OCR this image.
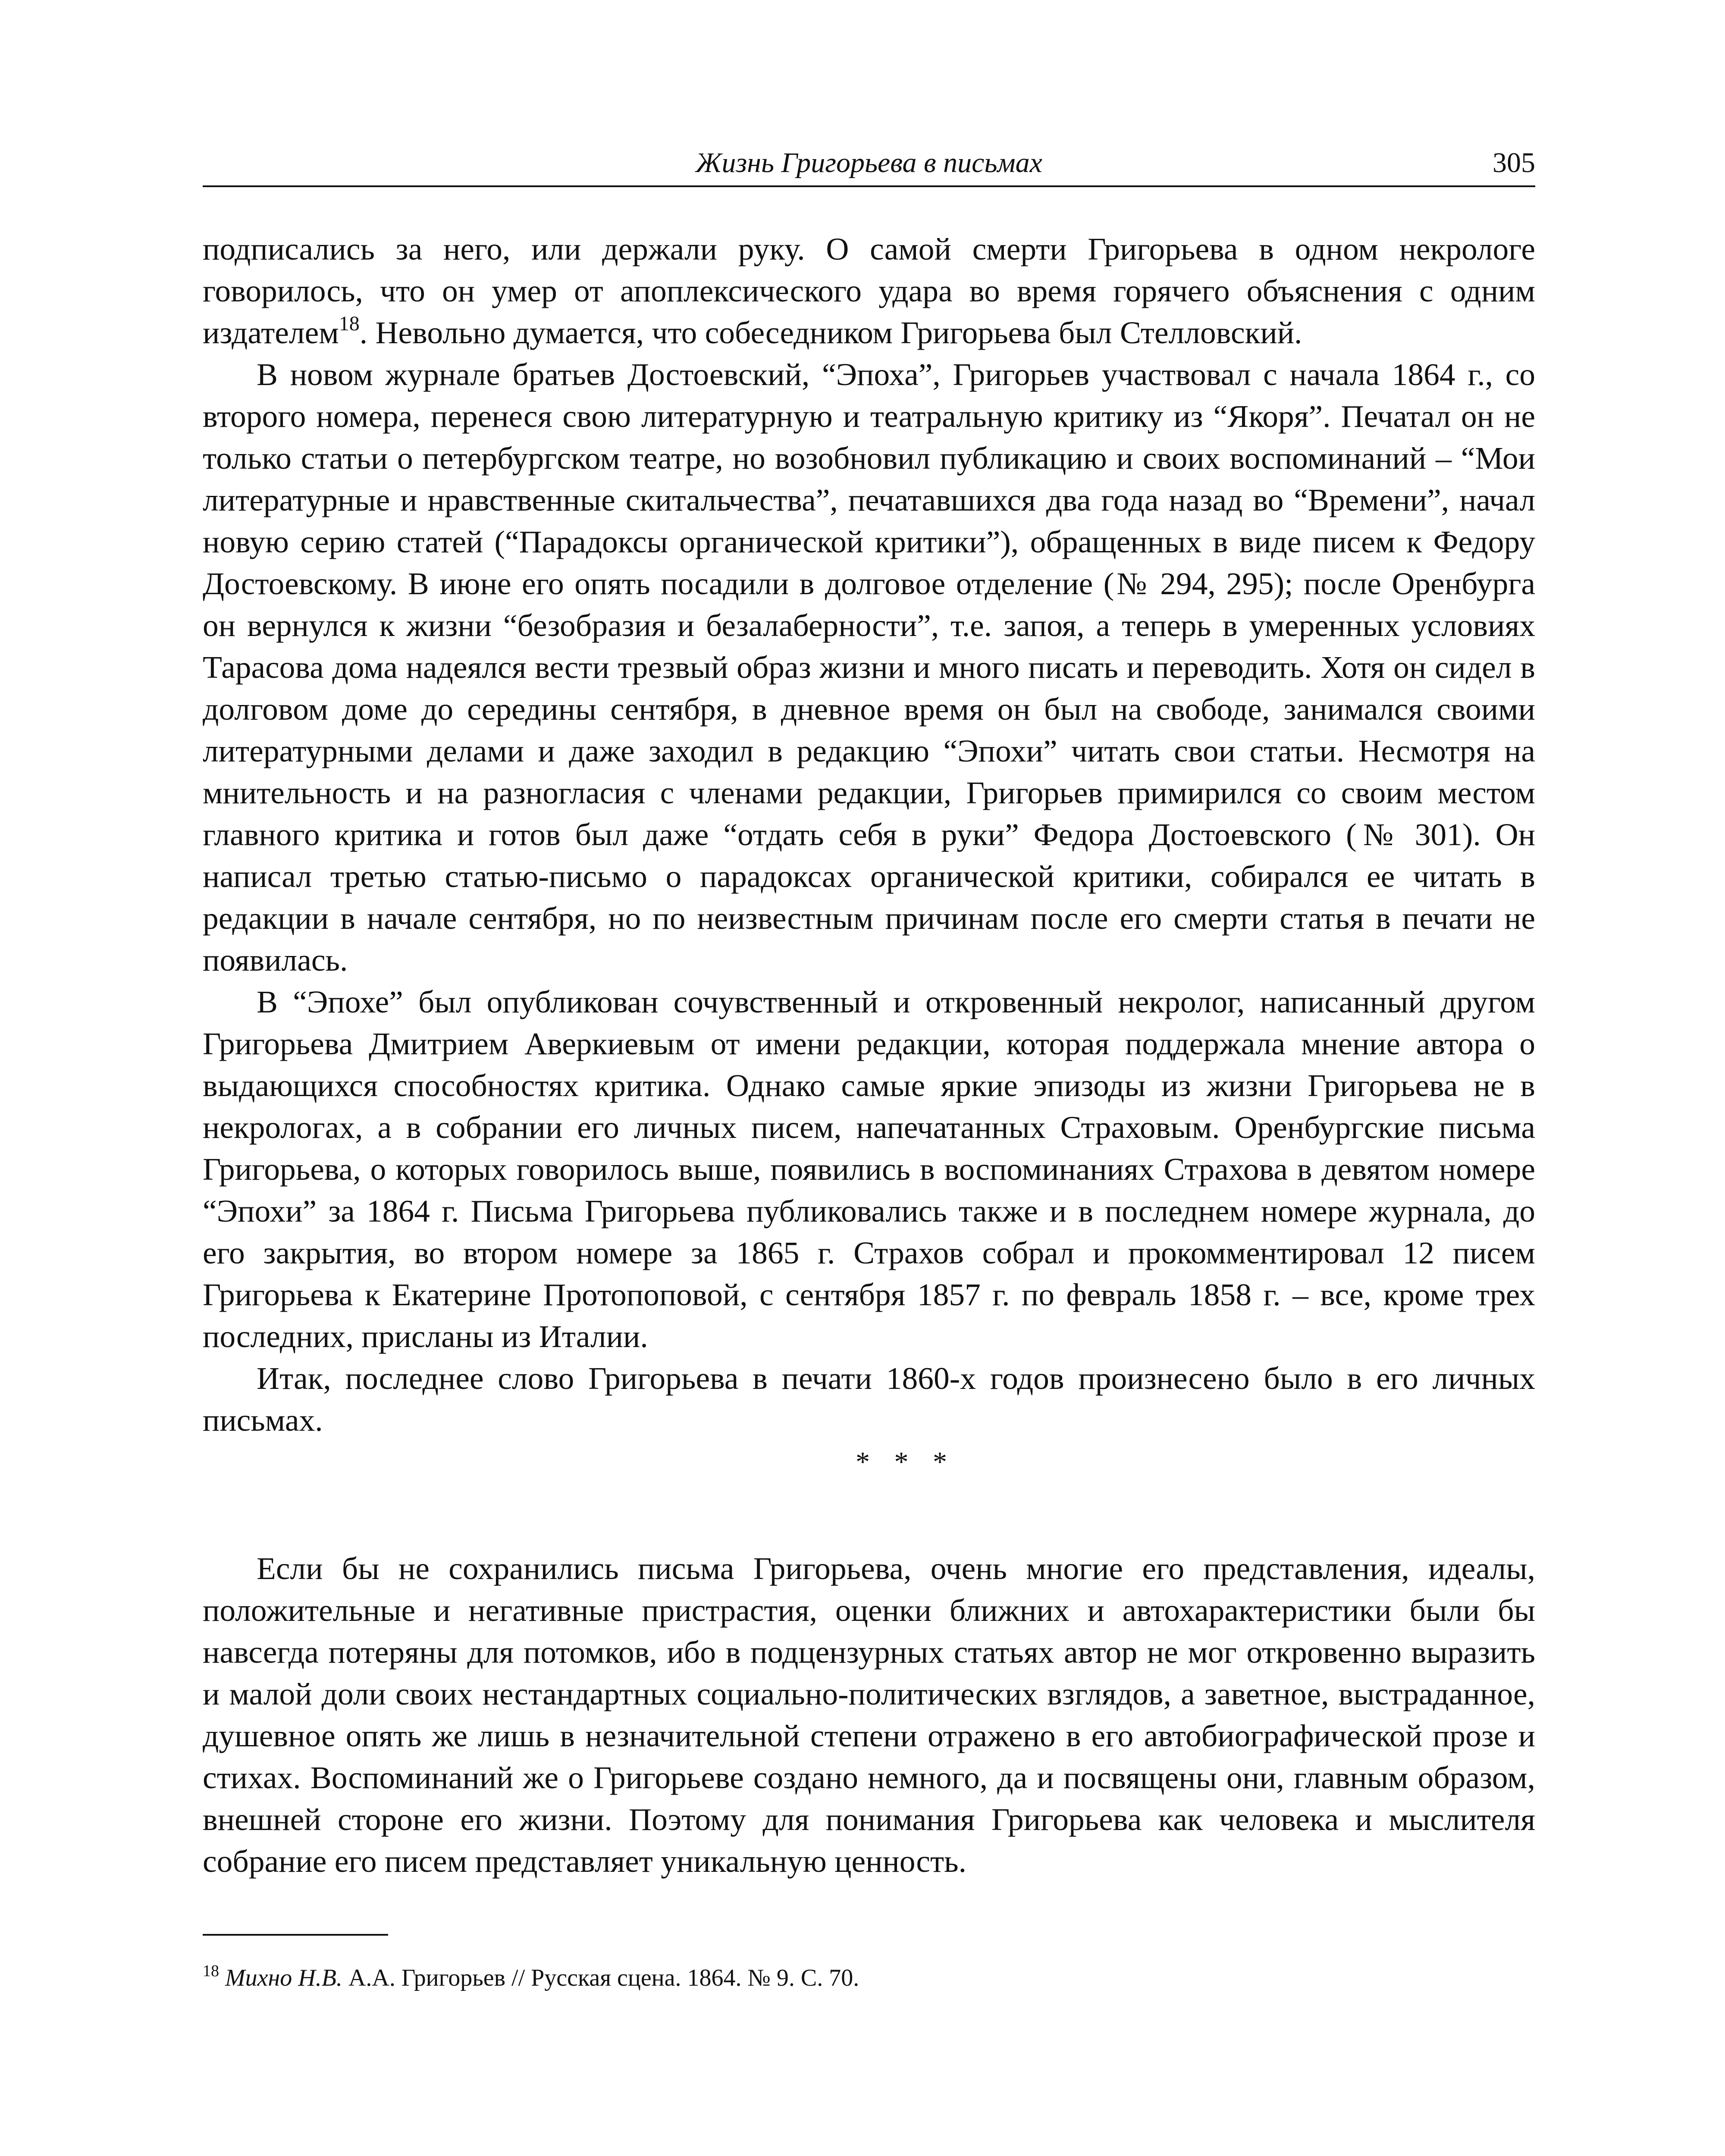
Жизнь Григорьева в письмах	305

подписались за него, или держали руку. О самой смерти Григорьева в одном некрологе говорилось, что он умер от апоплексического удара во время горячего объяснения с одним издателем$^{18}$. Невольно думается, что собеседником Григорьева был Стелловский.

В новом журнале братьев Достоевский, “Эпоха”, Григорьев участвовал с начала 1864 г., со второго номера, перенеся свою литературную и театральную критику из “Якоря”. Печатал он не только статьи о петербургском театре, но возобновил публикацию и своих воспоминаний – “Мои литературные и нравственные скитальчества”, печатавшихся два года назад во “Времени”, начал новую серию статей (“Парадоксы органической критики”), обращенных в виде писем к Федору Достоевскому. В июне его опять посадили в долговое отделение (№ 294, 295); после Оренбурга он вернулся к жизни “безобразия и безалаберности”, т.е. запоя, а теперь в умеренных условиях Тарасова дома надеялся вести трезвый образ жизни и много писать и переводить. Хотя он сидел в долговом доме до середины сентября, в дневное время он был на свободе, занимался своими литературными делами и даже заходил в редакцию “Эпохи” читать свои статьи. Несмотря на мнительность и на разногласия с членами редакции, Григорьев примирился со своим местом главного критика и готов был даже “отдать себя в руки” Федора Достоевского (№ 301). Он написал третью статью-письмо о парадоксах органической критики, собирался ее читать в редакции в начале сентября, но по неизвестным причинам после его смерти статья в печати не появилась.

В “Эпохе” был опубликован сочувственный и откровенный некролог, написанный другом Григорьева Дмитрием Аверкиевым от имени редакции, которая поддержала мнение автора о выдающихся способностях критика. Однако самые яркие эпизоды из жизни Григорьева не в некрологах, а в собрании его личных писем, напечатанных Страховым. Оренбургские письма Григорьева, о которых говорилось выше, появились в воспоминаниях Страхова в девятом номере “Эпохи” за 1864 г. Письма Григорьева публиковались также и в последнем номере журнала, до его закрытия, во втором номере за 1865 г. Страхов собрал и прокомментировал 12 писем Григорьева к Екатерине Протопоповой, с сентября 1857 г. по февраль 1858 г. – все, кроме трех последних, присланы из Италии.

Итак, последнее слово Григорьева в печати 1860-х годов произнесено было в его личных письмах.

* * *

Если бы не сохранились письма Григорьева, очень многие его представления, идеалы, положительные и негативные пристрастия, оценки ближних и автохарактеристики были бы навсегда потеряны для потомков, ибо в подцензурных статьях автор не мог откровенно выразить и малой доли своих нестандартных социально-политических взглядов, а заветное, выстраданное, душевное опять же лишь в незначительной степени отражено в его автобиографической прозе и стихах. Воспоминаний же о Григорьеве создано немного, да и посвящены они, главным образом, внешней стороне его жизни. Поэтому для понимания Григорьева как человека и мыслителя собрание его писем представляет уникальную ценность.

$^{18}$ Михно Н.В. А.А. Григорьев // Русская сцена. 1864. № 9. С. 70.
